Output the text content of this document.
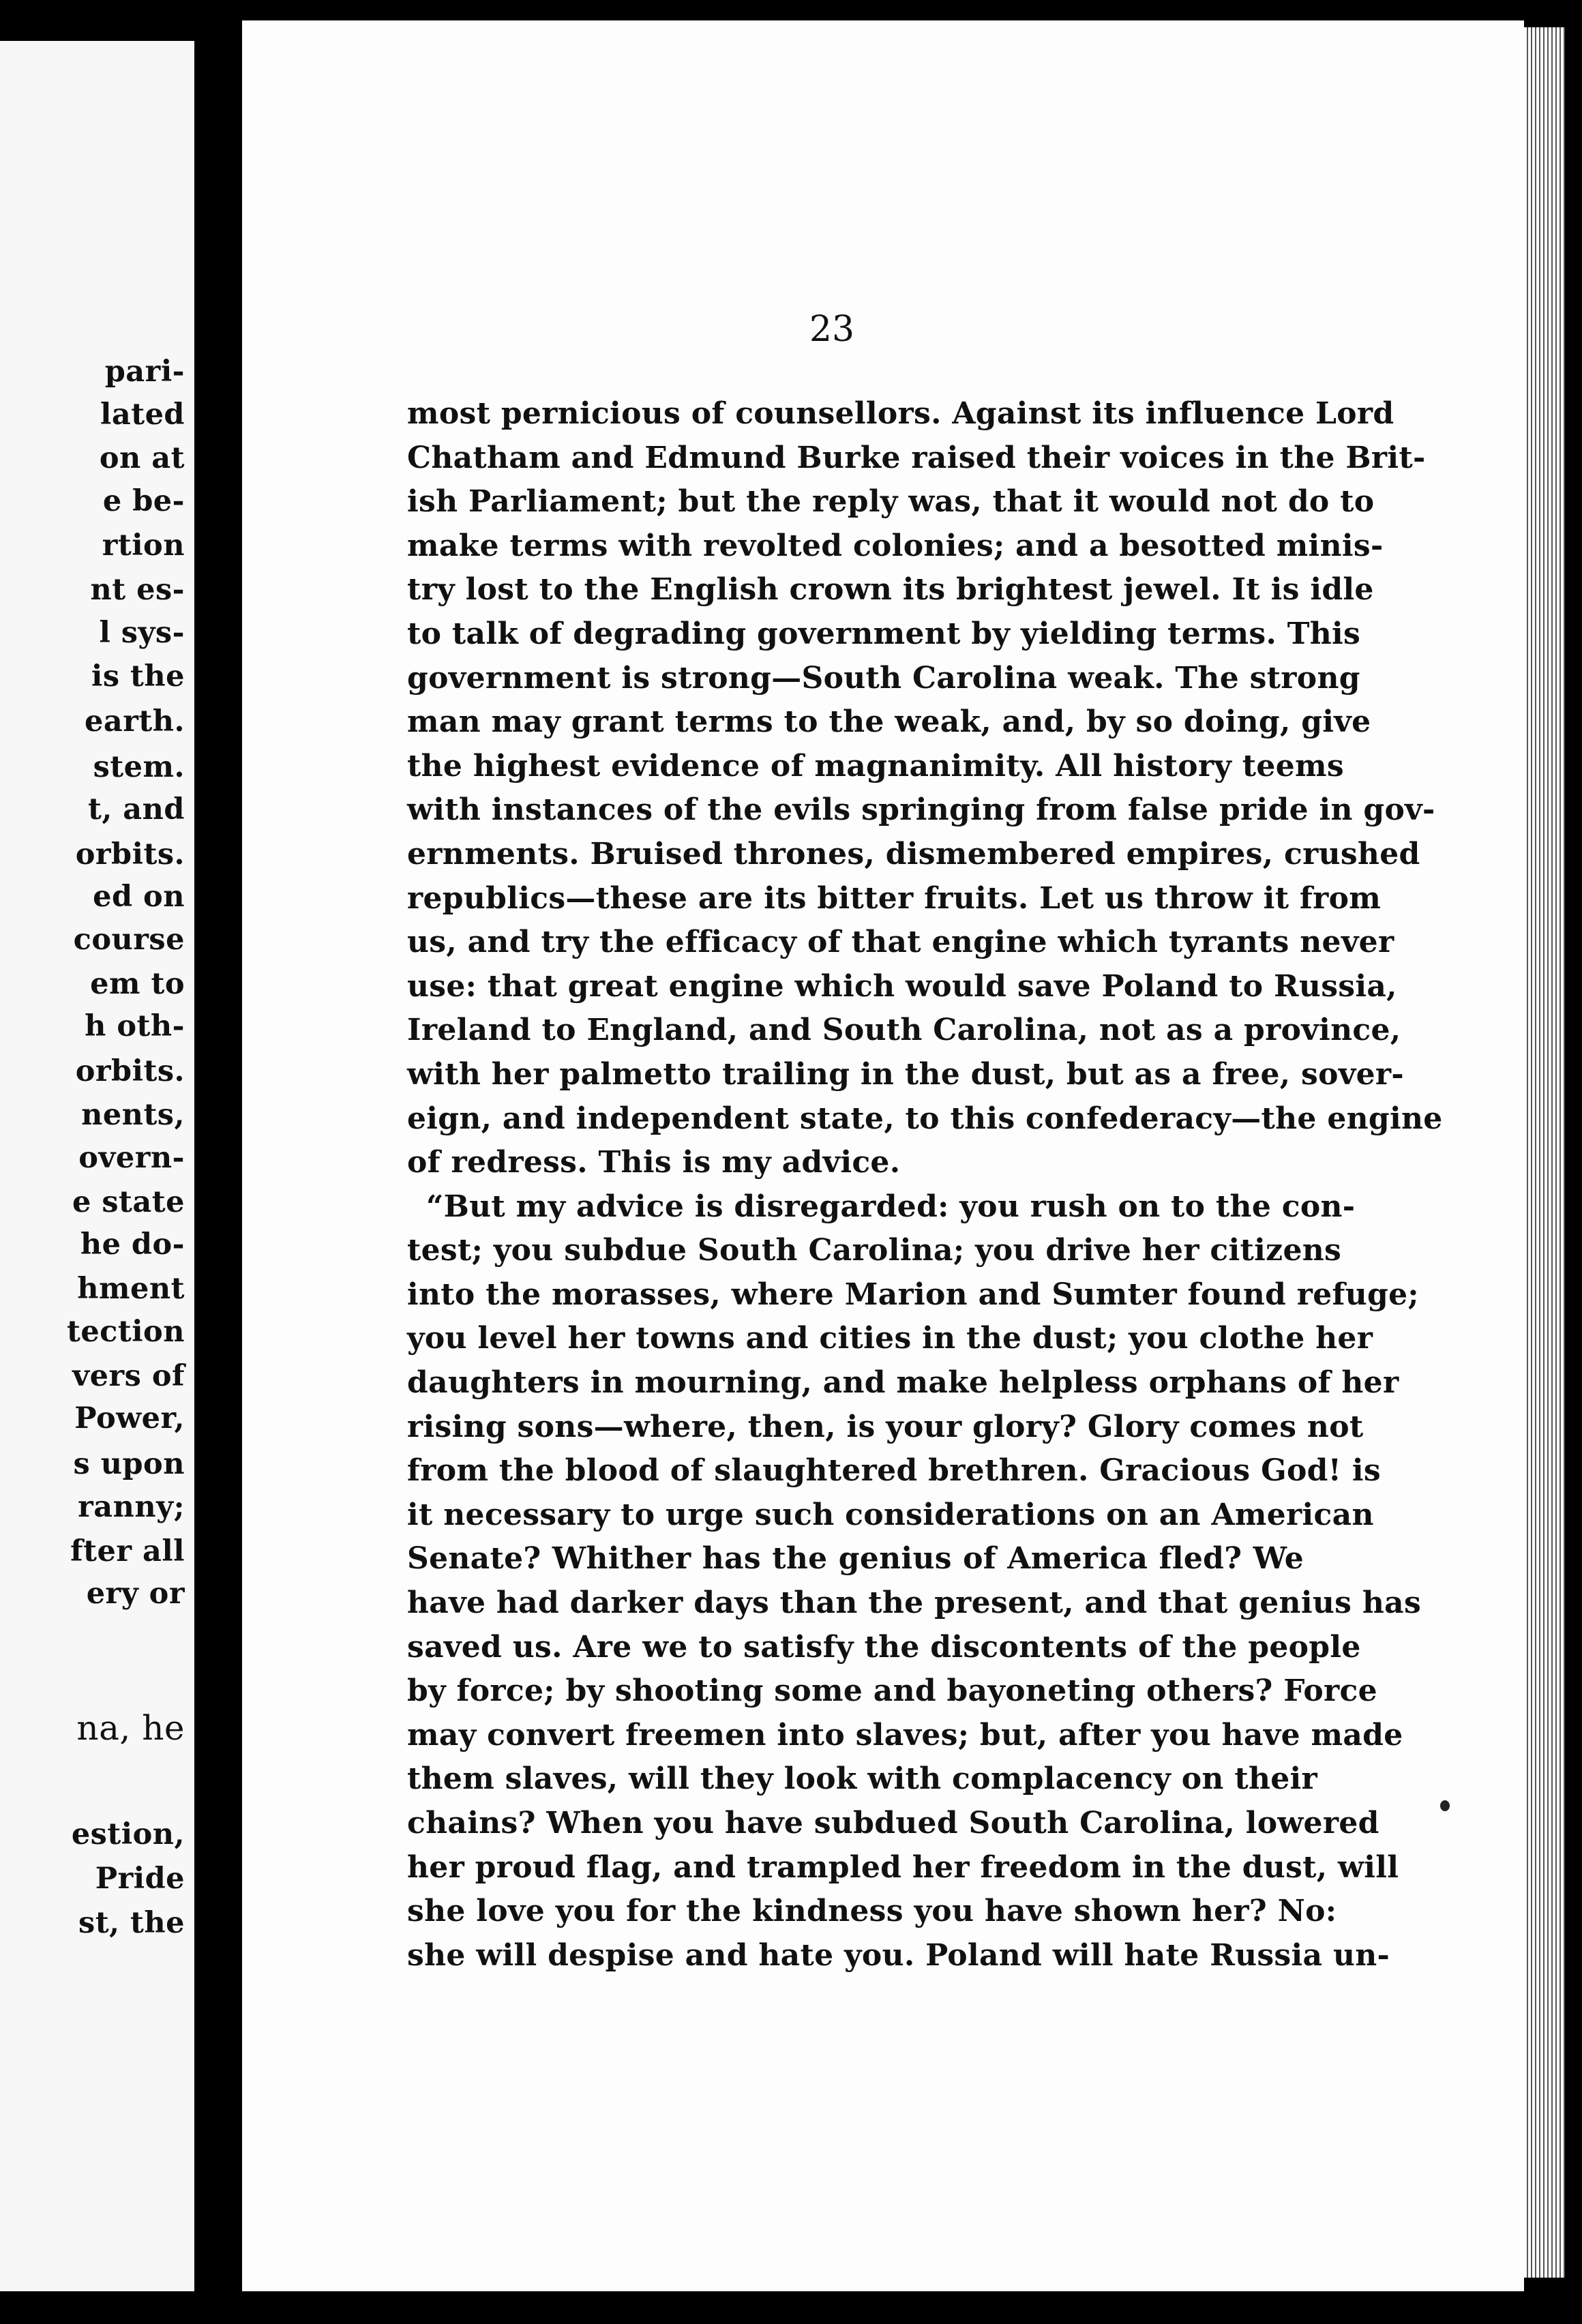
pari-
lated
on at
e be-
rtion
nt es-
l sys-
is the
earth.
stem.
t, and
orbits.
ed on
course
em to
h oth-
orbits.
nents,
overn-
e state
he do-
hment
tection
vers of
Power,
s upon
ranny;
fter all
ery or
na, he
estion,
Pride
st, the
23
most pernicious of counsellors. Against its influence Lord
Chatham and Edmund Burke raised their voices in the Brit-
ish Parliament; but the reply was, that it would not do to
make terms with revolted colonies; and a besotted minis-
try lost to the English crown its brightest jewel. It is idle
to talk of degrading government by yielding terms. This
government is strong—South Carolina weak. The strong
man may grant terms to the weak, and, by so doing, give
the highest evidence of magnanimity. All history teems
with instances of the evils springing from false pride in gov-
ernments. Bruised thrones, dismembered empires, crushed
republics—these are its bitter fruits. Let us throw it from
us, and try the efficacy of that engine which tyrants never
use: that great engine which would save Poland to Russia,
Ireland to England, and South Carolina, not as a province,
with her palmetto trailing in the dust, but as a free, sover-
eign, and independent state, to this confederacy—the engine
of redress. This is my advice.
“But my advice is disregarded: you rush on to the con-
test; you subdue South Carolina; you drive her citizens
into the morasses, where Marion and Sumter found refuge;
you level her towns and cities in the dust; you clothe her
daughters in mourning, and make helpless orphans of her
rising sons—where, then, is your glory? Glory comes not
from the blood of slaughtered brethren. Gracious God! is
it necessary to urge such considerations on an American
Senate? Whither has the genius of America fled? We
have had darker days than the present, and that genius has
saved us. Are we to satisfy the discontents of the people
by force; by shooting some and bayoneting others? Force
may convert freemen into slaves; but, after you have made
them slaves, will they look with complacency on their
chains? When you have subdued South Carolina, lowered
her proud flag, and trampled her freedom in the dust, will
she love you for the kindness you have shown her? No:
she will despise and hate you. Poland will hate Russia un-
